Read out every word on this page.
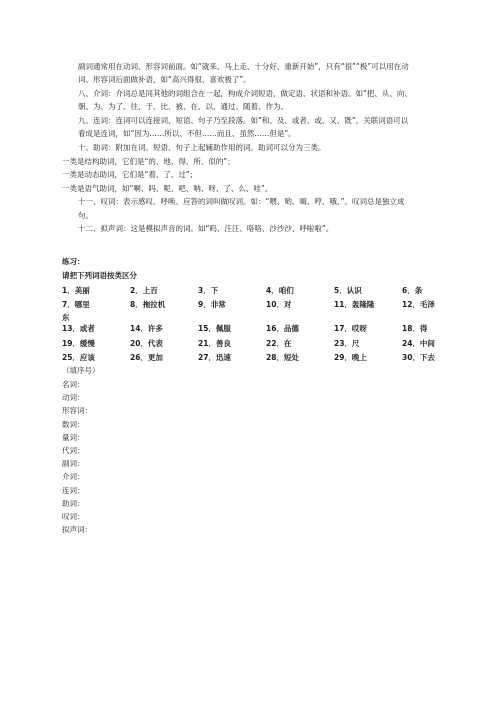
副词通常用在动词、形容词前面。如“就来、马上走、十分好、重新开始”，只有“很”“极”可以用在动
词、形容词后面做补语，如“高兴得很、喜欢极了”。
八、介词：介词总是同其他的词组合在一起，构成介词短语，做定语、状语和补语。如“把、从、向、
朝、为、为了、往、于、比、被、在、以、通过、随着、作为。
九、连词：连词可以连接词、短语、句子乃至段落。如“和、及、或者、或、又、既”。关联词语可以
看成是连词，如“因为……所以、不但……而且、虽然……但是”。
十、助词：附加在词、短语、句子上起辅助作用的词。助词可以分为三类。
一类是结构助词，它们是“的、地、得、所、似的”；
一类是动态助词，它们是“着、了、过”；
一类是语气助词，如“啊、吗、呢、吧、呐、呀、了、么、哇”。
十一、叹词：表示感叹、呼唤、应答的词叫做叹词。如：“喂、哟、嗨、哼、哦、”。叹词总是独立成
句。
十二、拟声词：这是模拟声音的词。如“呜、汪汪、咯咯、沙沙沙、呼啦啦”。
练习：
请把下列词语按类区分
1．美丽	2．上百	3．下	4．咱们	5．认识	6．条
7．哪里	8．拖拉机	9．非常	10．对	11．轰隆隆	12．毛泽
东
13．或者	14．许多	15．佩服	16．品德	17．哎呀	18．得
19．缓慢	20．代表	21．善良	22．在	23．尺	24．中间
25．应该	26．更加	27．迅速	28．短处	29．晚上	30．下去
（填序号）
名词：
动词：
形容词：
数词：
量词：
代词：
副词：
介词：
连词：
助词：
叹词：
拟声词：
